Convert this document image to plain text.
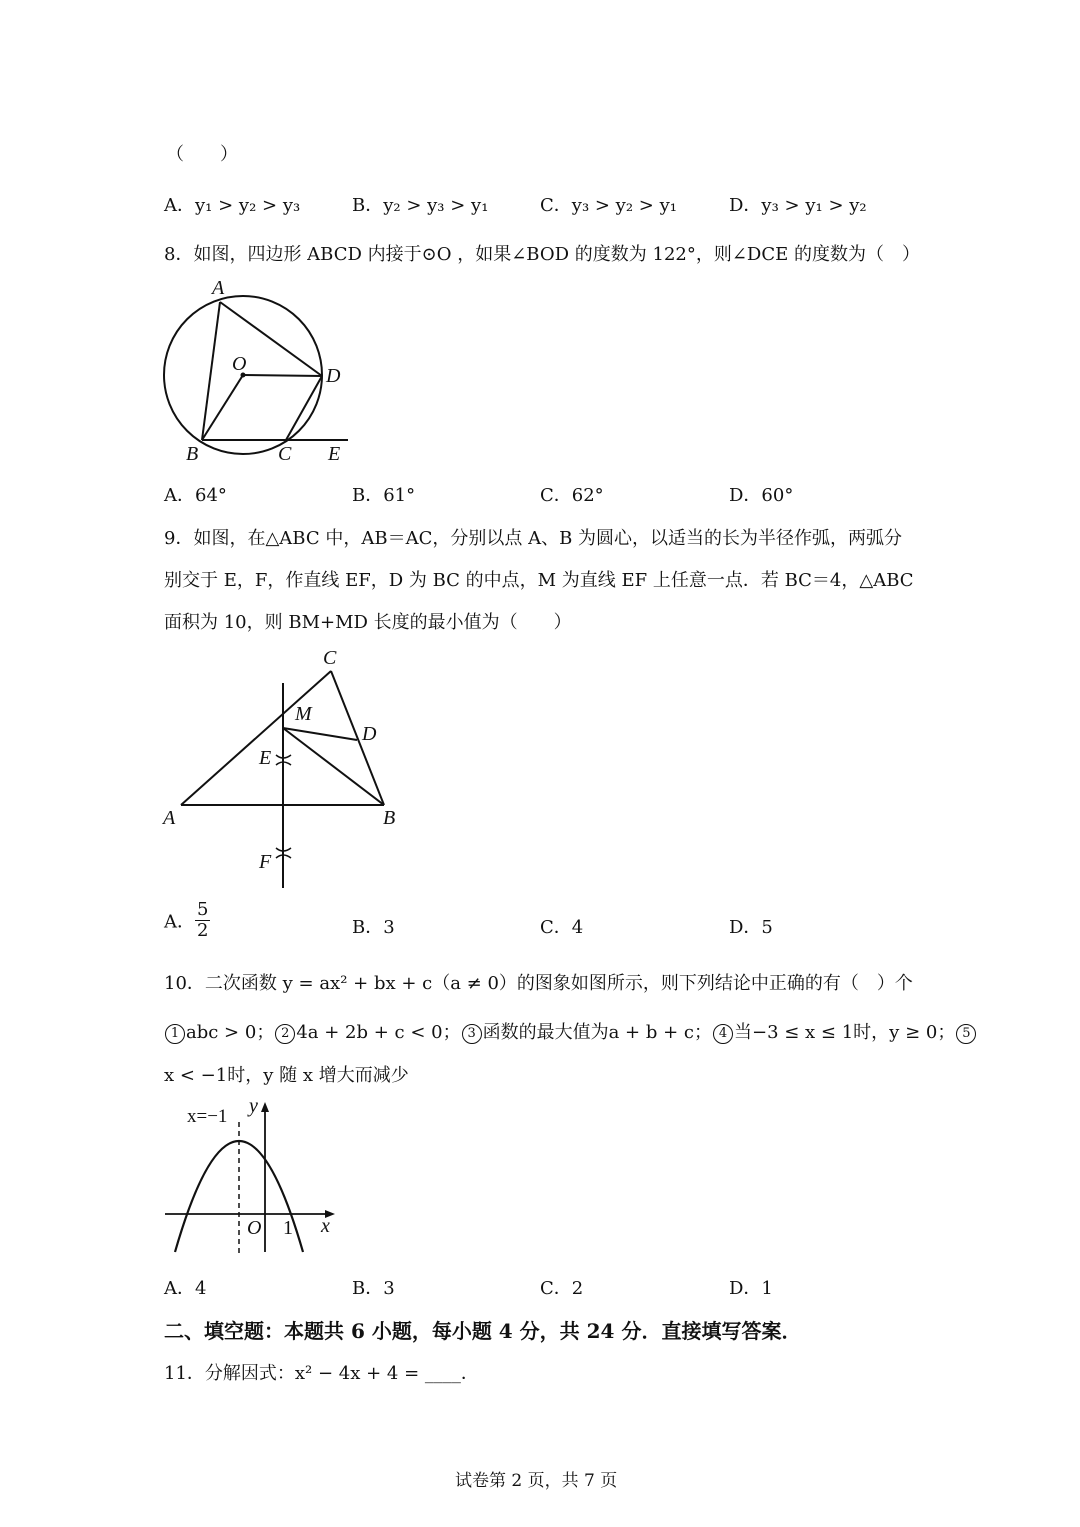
（　　）
A．y₁ > y₂ > y₃	B．y₂ > y₃ > y₁	C．y₃ > y₂ > y₁	D．y₃ > y₁ > y₂
8．如图，四边形 ABCD 内接于⊙O ，如果∠BOD 的度数为 122°，则∠DCE 的度数为（　）
A
O
D
B	C E
A．64°	B．61°	C．62°	D．60°
9．如图，在△ABC 中，AB＝AC，分别以点 A、B 为圆心，以适当的长为半径作弧，两弧分
别交于 E，F，作直线 EF，D 为 BC 的中点，M 为直线 EF 上任意一点．若 BC＝4，△ABC
面积为 10，则 BM+MD 长度的最小值为（　　）
C
M
D
E
A	B
F
A． $\frac{5}{2}$	B．3	C．4	D．5
10．二次函数 y = ax² + bx + c（a ≠ 0）的图象如图所示，则下列结论中正确的有（　）个
1 abc > 0； 2 4a + 2b + c < 0； 3 函数的最大值为a + b + c； 4 当−3 ≤ x ≤ 1时，y ≥ 0； 5
x < −1时，y 随 x 增大而减少
x=−1 y
x
O 1
A．4	B．3	C．2	D．1
二、填空题：本题共 6 小题，每小题 4 分，共 24 分．直接填写答案．
11．分解因式：x² − 4x + 4 = ____．
试卷第 2 页，共 7 页
